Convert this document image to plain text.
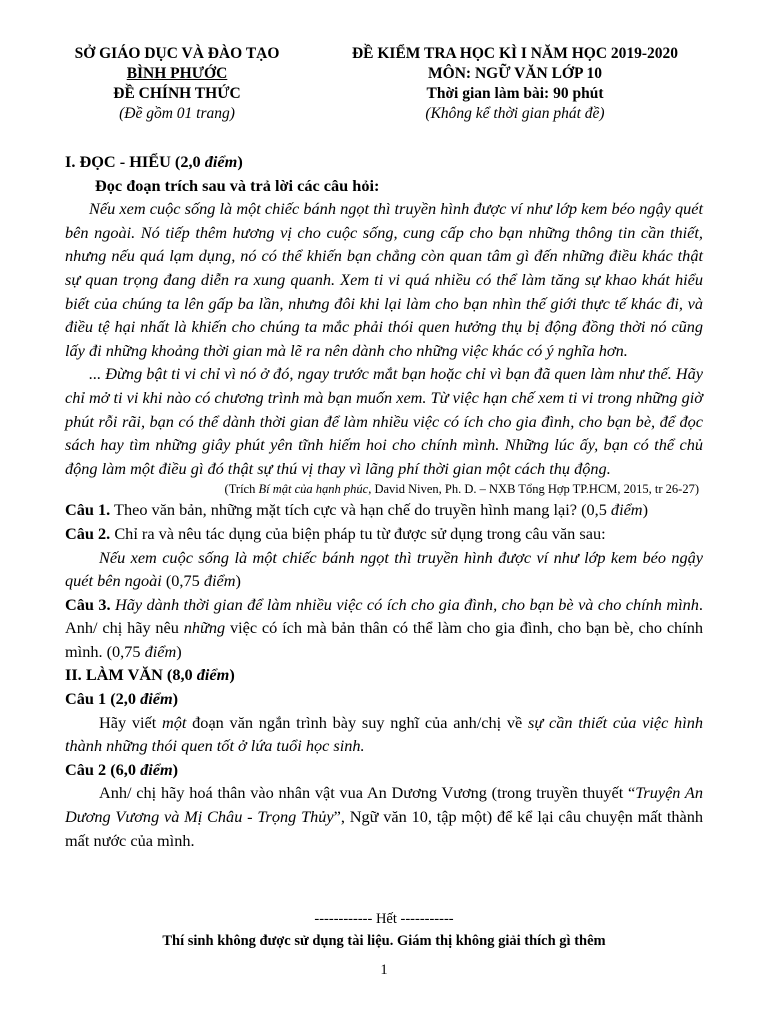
SỞ GIÁO DỤC VÀ ĐÀO TẠO
BÌNH PHƯỚC
ĐỀ CHÍNH THỨC
(Đề gồm 01 trang)
ĐỀ KIỂM TRA HỌC KÌ I NĂM HỌC 2019-2020
MÔN: NGỮ VĂN LỚP 10
Thời gian làm bài: 90 phút
(Không kể thời gian phát đề)

I. ĐỌC - HIỂU (2,0 điểm)

Đọc đoạn trích sau và trả lời các câu hỏi:

Nếu xem cuộc sống là một chiếc bánh ngọt thì truyền hình được ví như lớp kem béo ngậy quét bên ngoài. Nó tiếp thêm hương vị cho cuộc sống, cung cấp cho bạn những thông tin cần thiết, nhưng nếu quá lạm dụng, nó có thể khiến bạn chẳng còn quan tâm gì đến những điều khác thật sự quan trọng đang diễn ra xung quanh. Xem ti vi quá nhiều có thể làm tăng sự khao khát hiểu biết của chúng ta lên gấp ba lần, nhưng đôi khi lại làm cho bạn nhìn thế giới thực tế khác đi, và điều tệ hại nhất là khiến cho chúng ta mắc phải thói quen hưởng thụ bị động đồng thời nó cũng lấy đi những khoảng thời gian mà lẽ ra nên dành cho những việc khác có ý nghĩa hơn.

... Đừng bật ti vi chỉ vì nó ở đó, ngay trước mắt bạn hoặc chỉ vì bạn đã quen làm như thế. Hãy chỉ mở ti vi khi nào có chương trình mà bạn muốn xem. Từ việc hạn chế xem ti vi trong những giờ phút rỗi rãi, bạn có thể dành thời gian để làm nhiều việc có ích cho gia đình, cho bạn bè, để đọc sách hay tìm những giây phút yên tĩnh hiếm hoi cho chính mình. Những lúc ấy, bạn có thể chủ động làm một điều gì đó thật sự thú vị thay vì lãng phí thời gian một cách thụ động.

(Trích Bí mật của hạnh phúc, David Niven, Ph. D. – NXB Tổng Hợp TP.HCM, 2015, tr 26-27)

Câu 1. Theo văn bản, những mặt tích cực và hạn chế do truyền hình mang lại? (0,5 điểm)

Câu 2. Chỉ ra và nêu tác dụng của biện pháp tu từ được sử dụng trong câu văn sau:

Nếu xem cuộc sống là một chiếc bánh ngọt thì truyền hình được ví như lớp kem béo ngậy quét bên ngoài (0,75 điểm)

Câu 3. Hãy dành thời gian để làm nhiều việc có ích cho gia đình, cho bạn bè và cho chính mình. Anh/ chị hãy nêu những việc có ích mà bản thân có thể làm cho gia đình, cho bạn bè, cho chính mình. (0,75 điểm)

II. LÀM VĂN (8,0 điểm)

Câu 1 (2,0 điểm)

Hãy viết một đoạn văn ngắn trình bày suy nghĩ của anh/chị về sự cần thiết của việc hình thành những thói quen tốt ở lứa tuổi học sinh.

Câu 2 (6,0 điểm)

Anh/ chị hãy hoá thân vào nhân vật vua An Dương Vương (trong truyền thuyết “Truyện An Dương Vương và Mị Châu - Trọng Thủy”, Ngữ văn 10, tập một) để kể lại câu chuyện mất thành mất nước của mình.

------------ Hết -----------
Thí sinh không được sử dụng tài liệu. Giám thị không giải thích gì thêm
1
